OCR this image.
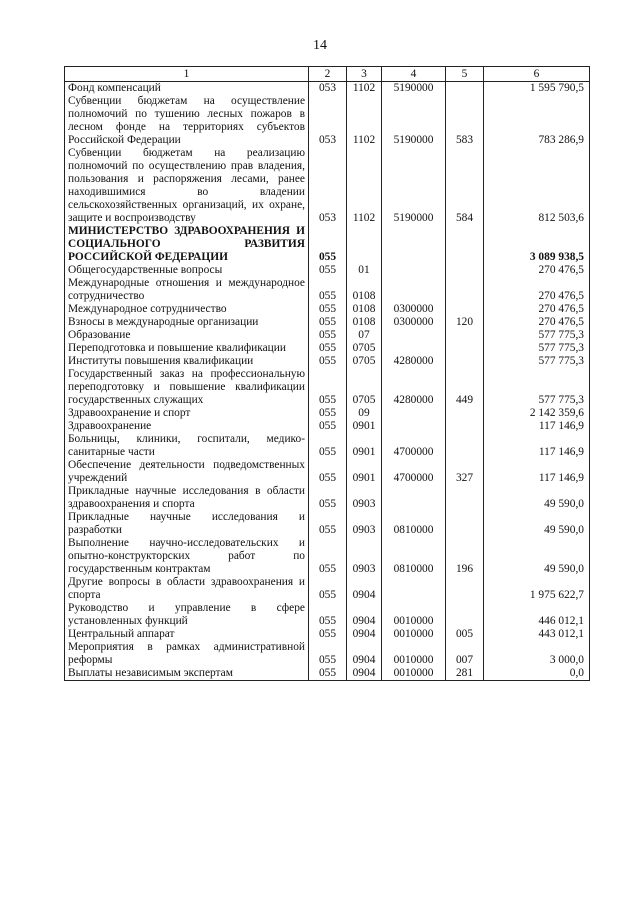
14
1	2	3	4	5	6
Фонд компенсаций	053	1102	5190000		1 595 790,5
Субвенции бюджетам на осуществление полномочий по тушению лесных пожаров в лесном фонде на территориях субъектов Российской Федерации	053	1102	5190000	583	783 286,9
Субвенции бюджетам на реализацию полномочий по осуществлению прав владения, пользования и распоряжения лесами, ранее находившимися во владении сельскохозяйственных организаций, их охране, защите и воспроизводству	053	1102	5190000	584	812 503,6
МИНИСТЕРСТВО ЗДРАВООХРАНЕНИЯ И СОЦИАЛЬНОГО РАЗВИТИЯ РОССИЙСКОЙ ФЕДЕРАЦИИ	055				3 089 938,5
Общегосударственные вопросы	055	01			270 476,5
Международные отношения и международное сотрудничество	055	0108			270 476,5
Международное сотрудничество	055	0108	0300000		270 476,5
Взносы в международные организации	055	0108	0300000	120	270 476,5
Образование	055	07			577 775,3
Переподготовка и повышение квалификации	055	0705			577 775,3
Институты повышения квалификации	055	0705	4280000		577 775,3
Государственный заказ на профессиональную переподготовку и повышение квалификации государственных служащих	055	0705	4280000	449	577 775,3
Здравоохранение и спорт	055	09			2 142 359,6
Здравоохранение	055	0901			117 146,9
Больницы, клиники, госпитали, медико-санитарные части	055	0901	4700000		117 146,9
Обеспечение деятельности подведомственных учреждений	055	0901	4700000	327	117 146,9
Прикладные научные исследования в области здравоохранения и спорта	055	0903			49 590,0
Прикладные научные исследования и разработки	055	0903	0810000		49 590,0
Выполнение научно-исследовательских и опытно-конструкторских работ по государственным контрактам	055	0903	0810000	196	49 590,0
Другие вопросы в области здравоохранения и спорта	055	0904			1 975 622,7
Руководство и управление в сфере установленных функций	055	0904	0010000		446 012,1
Центральный аппарат	055	0904	0010000	005	443 012,1
Мероприятия в рамках административной реформы	055	0904	0010000	007	3 000,0
Выплаты независимым экспертам	055	0904	0010000	281	0,0
